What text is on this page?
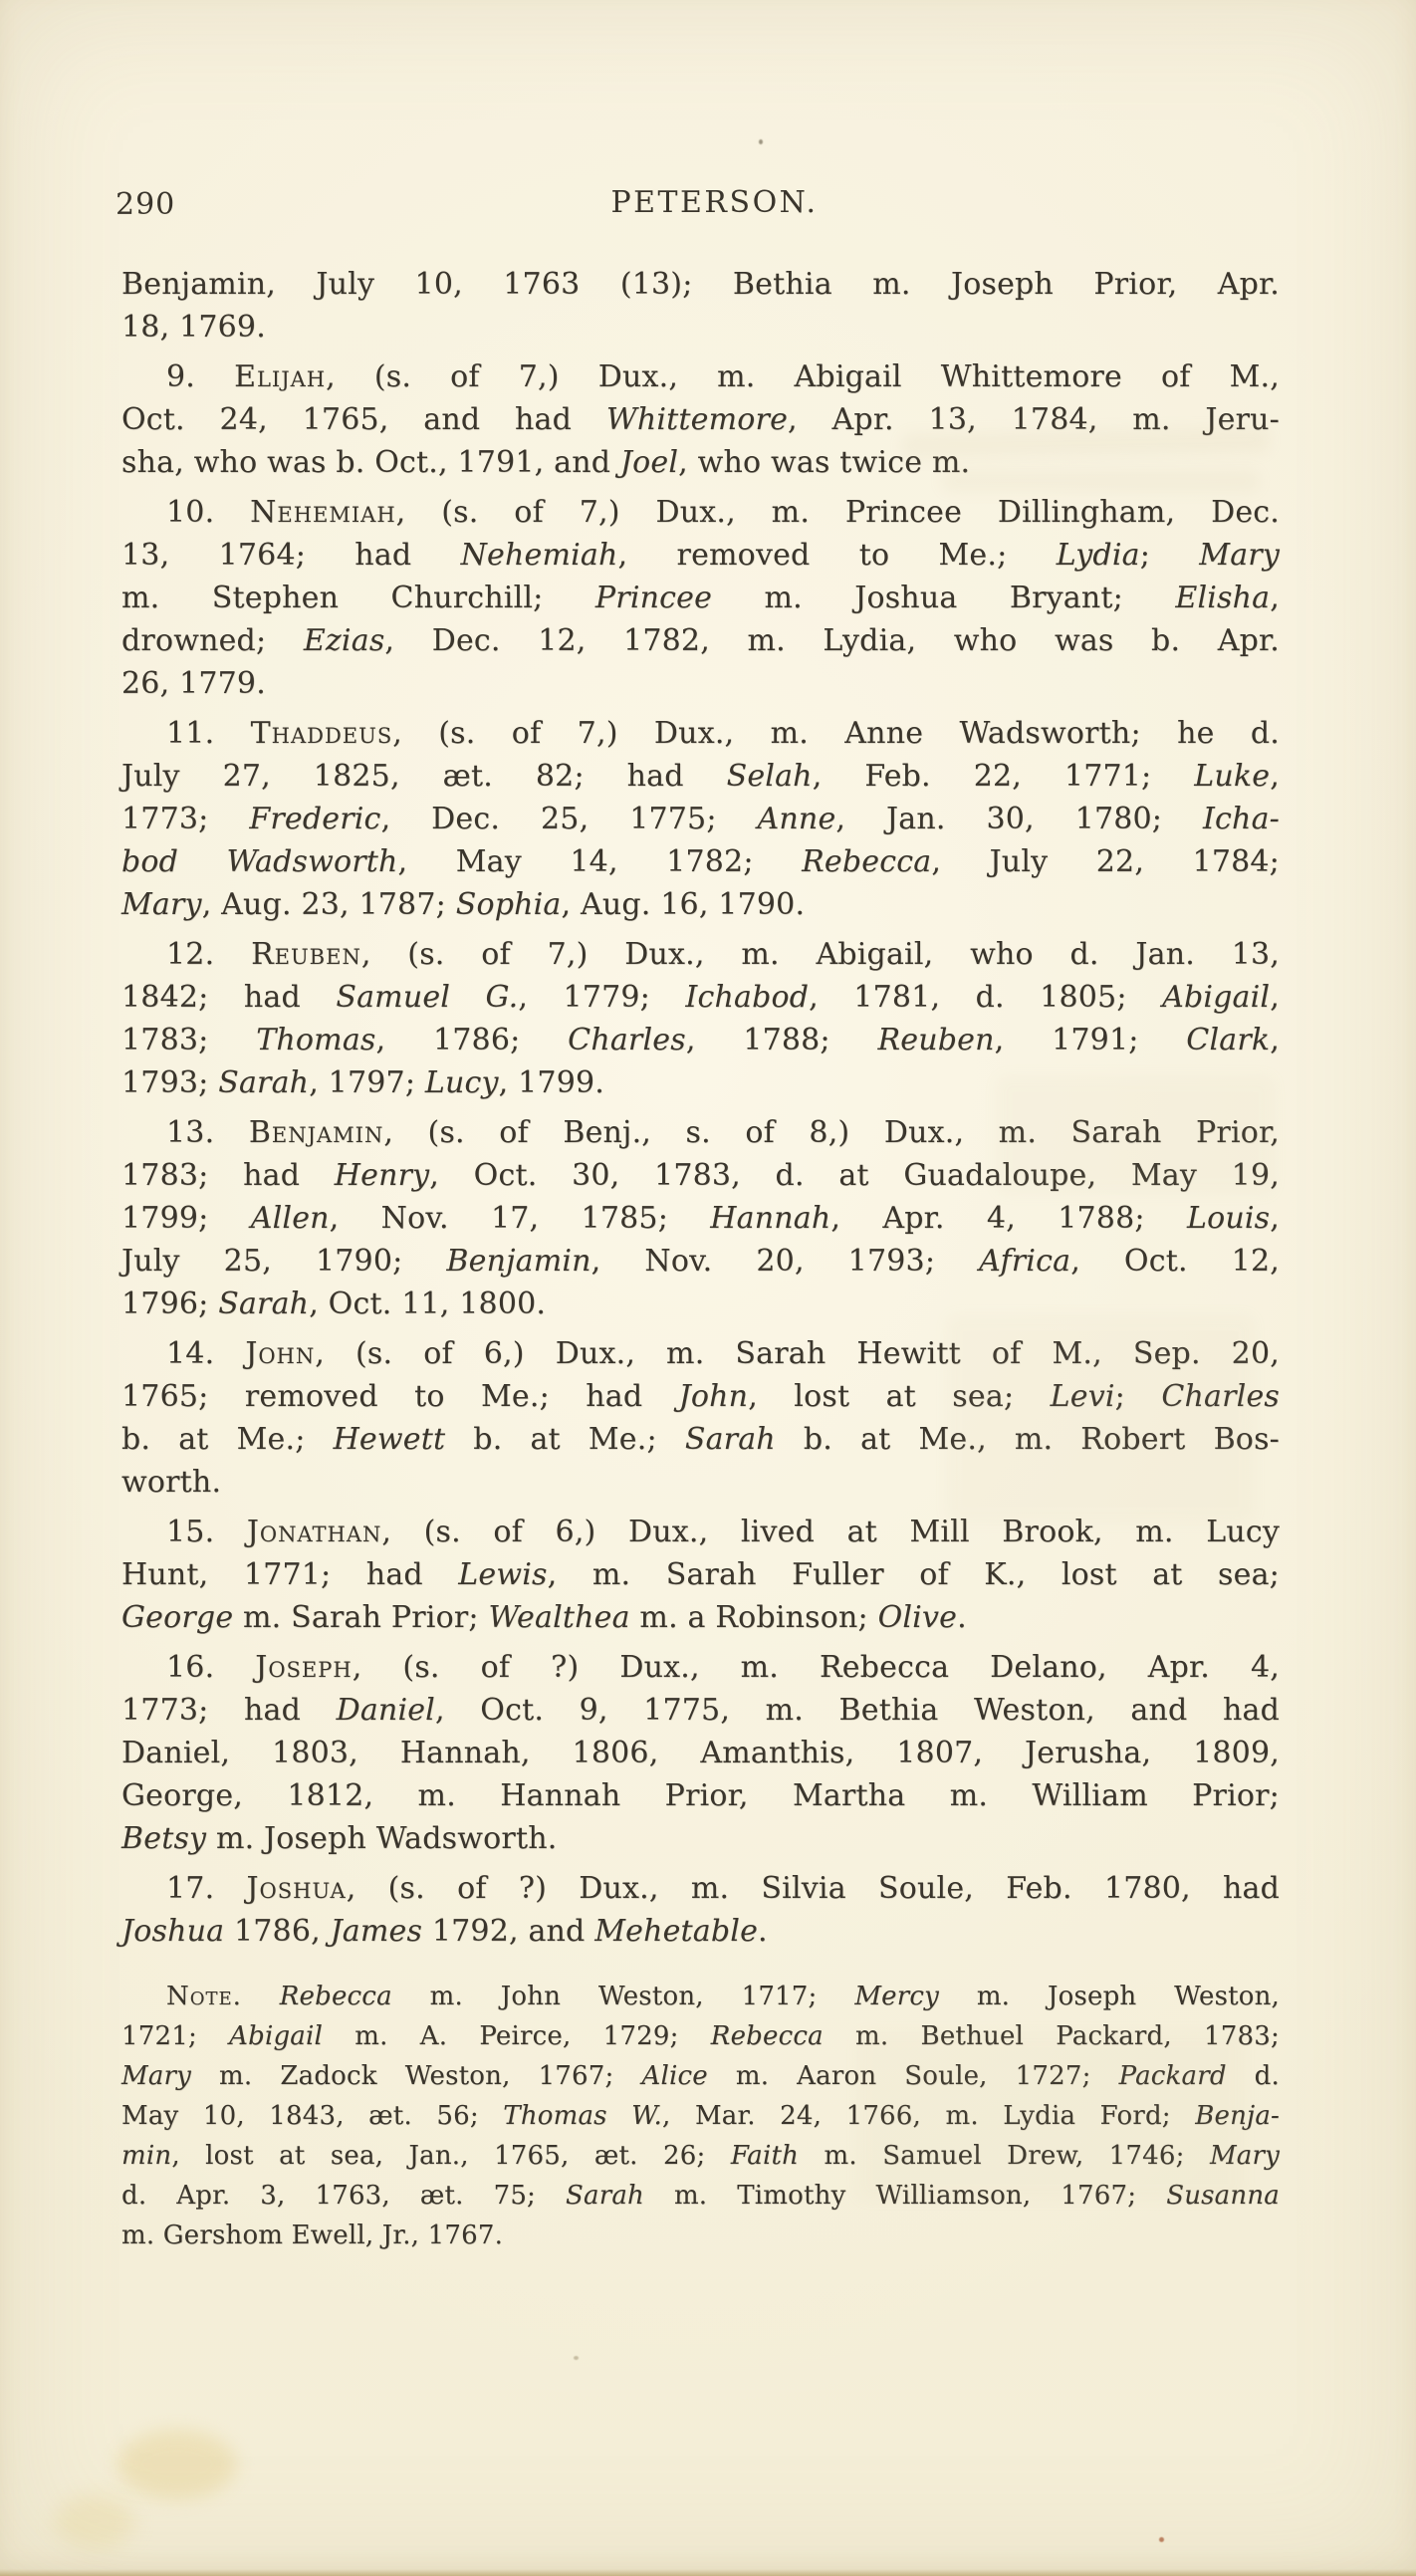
290	PETERSON.
Benjamin, July 10, 1763 (13); Bethia m. Joseph Prior, Apr.
18, 1769.
9. Elijah, (s. of 7,) Dux., m. Abigail Whittemore of M.,
Oct. 24, 1765, and had Whittemore, Apr. 13, 1784, m. Jeru-
sha, who was b. Oct., 1791, and Joel, who was twice m.
10. Nehemiah, (s. of 7,) Dux., m. Princee Dillingham, Dec.
13, 1764; had Nehemiah, removed to Me.; Lydia; Mary
m. Stephen Churchill; Princee m. Joshua Bryant; Elisha,
drowned; Ezias, Dec. 12, 1782, m. Lydia, who was b. Apr.
26, 1779.
11. Thaddeus, (s. of 7,) Dux., m. Anne Wadsworth; he d.
July 27, 1825, æt. 82; had Selah, Feb. 22, 1771; Luke,
1773; Frederic, Dec. 25, 1775; Anne, Jan. 30, 1780; Icha-
bod Wadsworth, May 14, 1782; Rebecca, July 22, 1784;
Mary, Aug. 23, 1787; Sophia, Aug. 16, 1790.
12. Reuben, (s. of 7,) Dux., m. Abigail, who d. Jan. 13,
1842; had Samuel G., 1779; Ichabod, 1781, d. 1805; Abigail,
1783; Thomas, 1786; Charles, 1788; Reuben, 1791; Clark,
1793; Sarah, 1797; Lucy, 1799.
13. Benjamin, (s. of Benj., s. of 8,) Dux., m. Sarah Prior,
1783; had Henry, Oct. 30, 1783, d. at Guadaloupe, May 19,
1799; Allen, Nov. 17, 1785; Hannah, Apr. 4, 1788; Louis,
July 25, 1790; Benjamin, Nov. 20, 1793; Africa, Oct. 12,
1796; Sarah, Oct. 11, 1800.
14. John, (s. of 6,) Dux., m. Sarah Hewitt of M., Sep. 20,
1765; removed to Me.; had John, lost at sea; Levi; Charles
b. at Me.; Hewett b. at Me.; Sarah b. at Me., m. Robert Bos-
worth.
15. Jonathan, (s. of 6,) Dux., lived at Mill Brook, m. Lucy
Hunt, 1771; had Lewis, m. Sarah Fuller of K., lost at sea;
George m. Sarah Prior; Wealthea m. a Robinson; Olive.
16. Joseph, (s. of ?) Dux., m. Rebecca Delano, Apr. 4,
1773; had Daniel, Oct. 9, 1775, m. Bethia Weston, and had
Daniel, 1803, Hannah, 1806, Amanthis, 1807, Jerusha, 1809,
George, 1812, m. Hannah Prior, Martha m. William Prior;
Betsy m. Joseph Wadsworth.
17. Joshua, (s. of ?) Dux., m. Silvia Soule, Feb. 1780, had
Joshua 1786, James 1792, and Mehetable.
Note. Rebecca m. John Weston, 1717; Mercy m. Joseph Weston,
1721; Abigail m. A. Peirce, 1729; Rebecca m. Bethuel Packard, 1783;
Mary m. Zadock Weston, 1767; Alice m. Aaron Soule, 1727; Packard d.
May 10, 1843, æt. 56; Thomas W., Mar. 24, 1766, m. Lydia Ford; Benja-
min, lost at sea, Jan., 1765, æt. 26; Faith m. Samuel Drew, 1746; Mary
d. Apr. 3, 1763, æt. 75; Sarah m. Timothy Williamson, 1767; Susanna
m. Gershom Ewell, Jr., 1767.
